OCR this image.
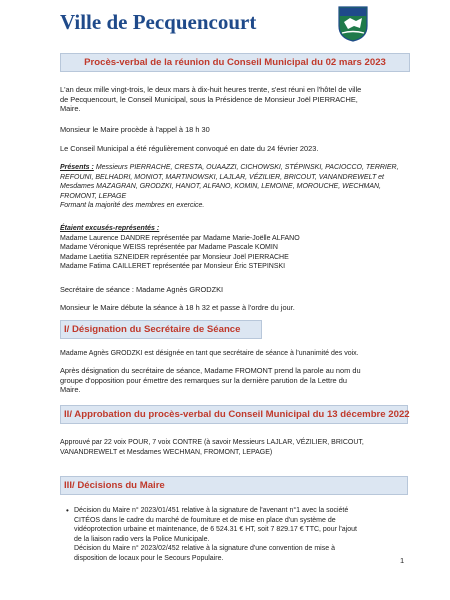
Ville de Pecquencourt
Procès-verbal de la réunion du Conseil Municipal du 02 mars 2023
L'an deux mille vingt-trois, le deux mars à dix-huit heures trente, s'est réuni en l'hôtel de ville
de Pecquencourt, le Conseil Municipal, sous la Présidence de Monsieur Joël PIERRACHE,
Maire.
Monsieur le Maire procède à l'appel à 18 h 30
Le Conseil Municipal a été régulièrement convoqué en date du 24 février 2023.
Présents : Messieurs PIERRACHE, CRESTA, OUAAZZI, CICHOWSKI, STÉPINSKI, PACIOCCO, TERRIER,
REFOUNI, BELHADRI, MONIOT, MARTINOWSKI, LAJLAR, VÉZILIER, BRICOUT, VANANDREWELT et
Mesdames MAZAGRAN, GRODZKI, HANOT, ALFANO, KOMIN, LEMOINE, MOROUCHE, WECHMAN,
FROMONT, LEPAGE
Formant la majorité des membres en exercice.
Étaient excusés-représentés :
Madame Laurence DANDRE représentée par Madame Marie-Joëlle ALFANO
Madame Véronique WEISS représentée par Madame Pascale KOMIN
Madame Laetitia SZNEIDER représentée par Monsieur Joël PIERRACHE
Madame Fatima CAILLERET représentée par Monsieur Éric STEPINSKI
Secrétaire de séance : Madame Agnès GRODZKI
Monsieur le Maire débute la séance à 18 h 32 et passe à l'ordre du jour.
I/ Désignation du Secrétaire de Séance
Madame Agnès GRODZKI est désignée en tant que secrétaire de séance à l'unanimité des voix.
Après désignation du secrétaire de séance, Madame FROMONT prend la parole au nom du
groupe d'opposition pour émettre des remarques sur la dernière parution de la Lettre du
Maire.
II/ Approbation du procès-verbal du Conseil Municipal du 13 décembre 2022
Approuvé par 22 voix POUR, 7 voix CONTRE (à savoir Messieurs LAJLAR, VÉZILIER, BRICOUT,
VANANDREWELT et Mesdames WECHMAN, FROMONT, LEPAGE)
III/ Décisions du Maire
• Décision du Maire n° 2023/01/451 relative à la signature de l'avenant n°1 avec la société
CITÉOS dans le cadre du marché de fourniture et de mise en place d'un système de
vidéoprotection urbaine et maintenance, de 6 524.31 € HT, soit 7 829.17 € TTC, pour l'ajout
de la liaison radio vers la Police Municipale.
Décision du Maire n° 2023/02/452 relative à la signature d'une convention de mise à
disposition de locaux pour le Secours Populaire.	1
